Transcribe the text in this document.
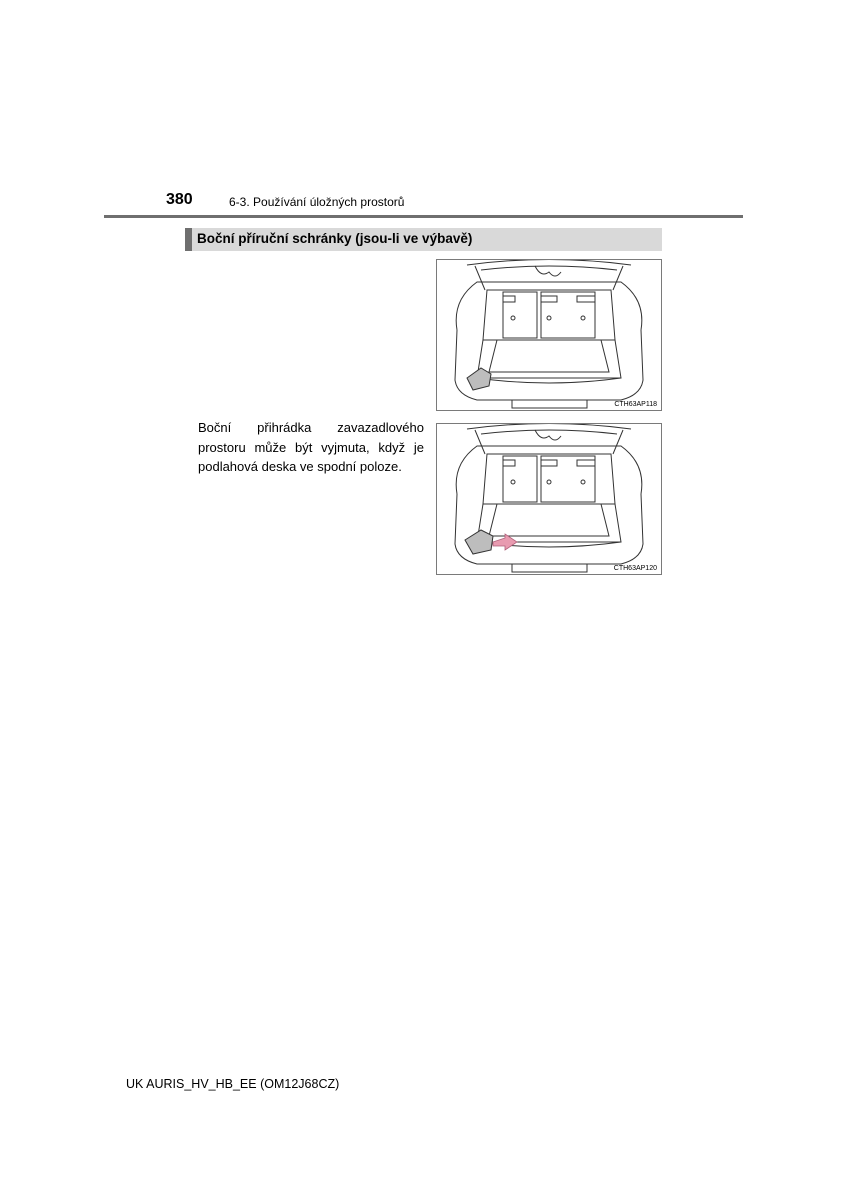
380	6-3. Používání úložných prostorů
Boční příruční schránky (jsou-li ve výbavě)
CTH63AP118
CTH63AP120
Boční přihrádka zavazadlového prostoru může být vyjmuta, když je podlahová deska ve spodní poloze.
UK AURIS_HV_HB_EE (OM12J68CZ)
